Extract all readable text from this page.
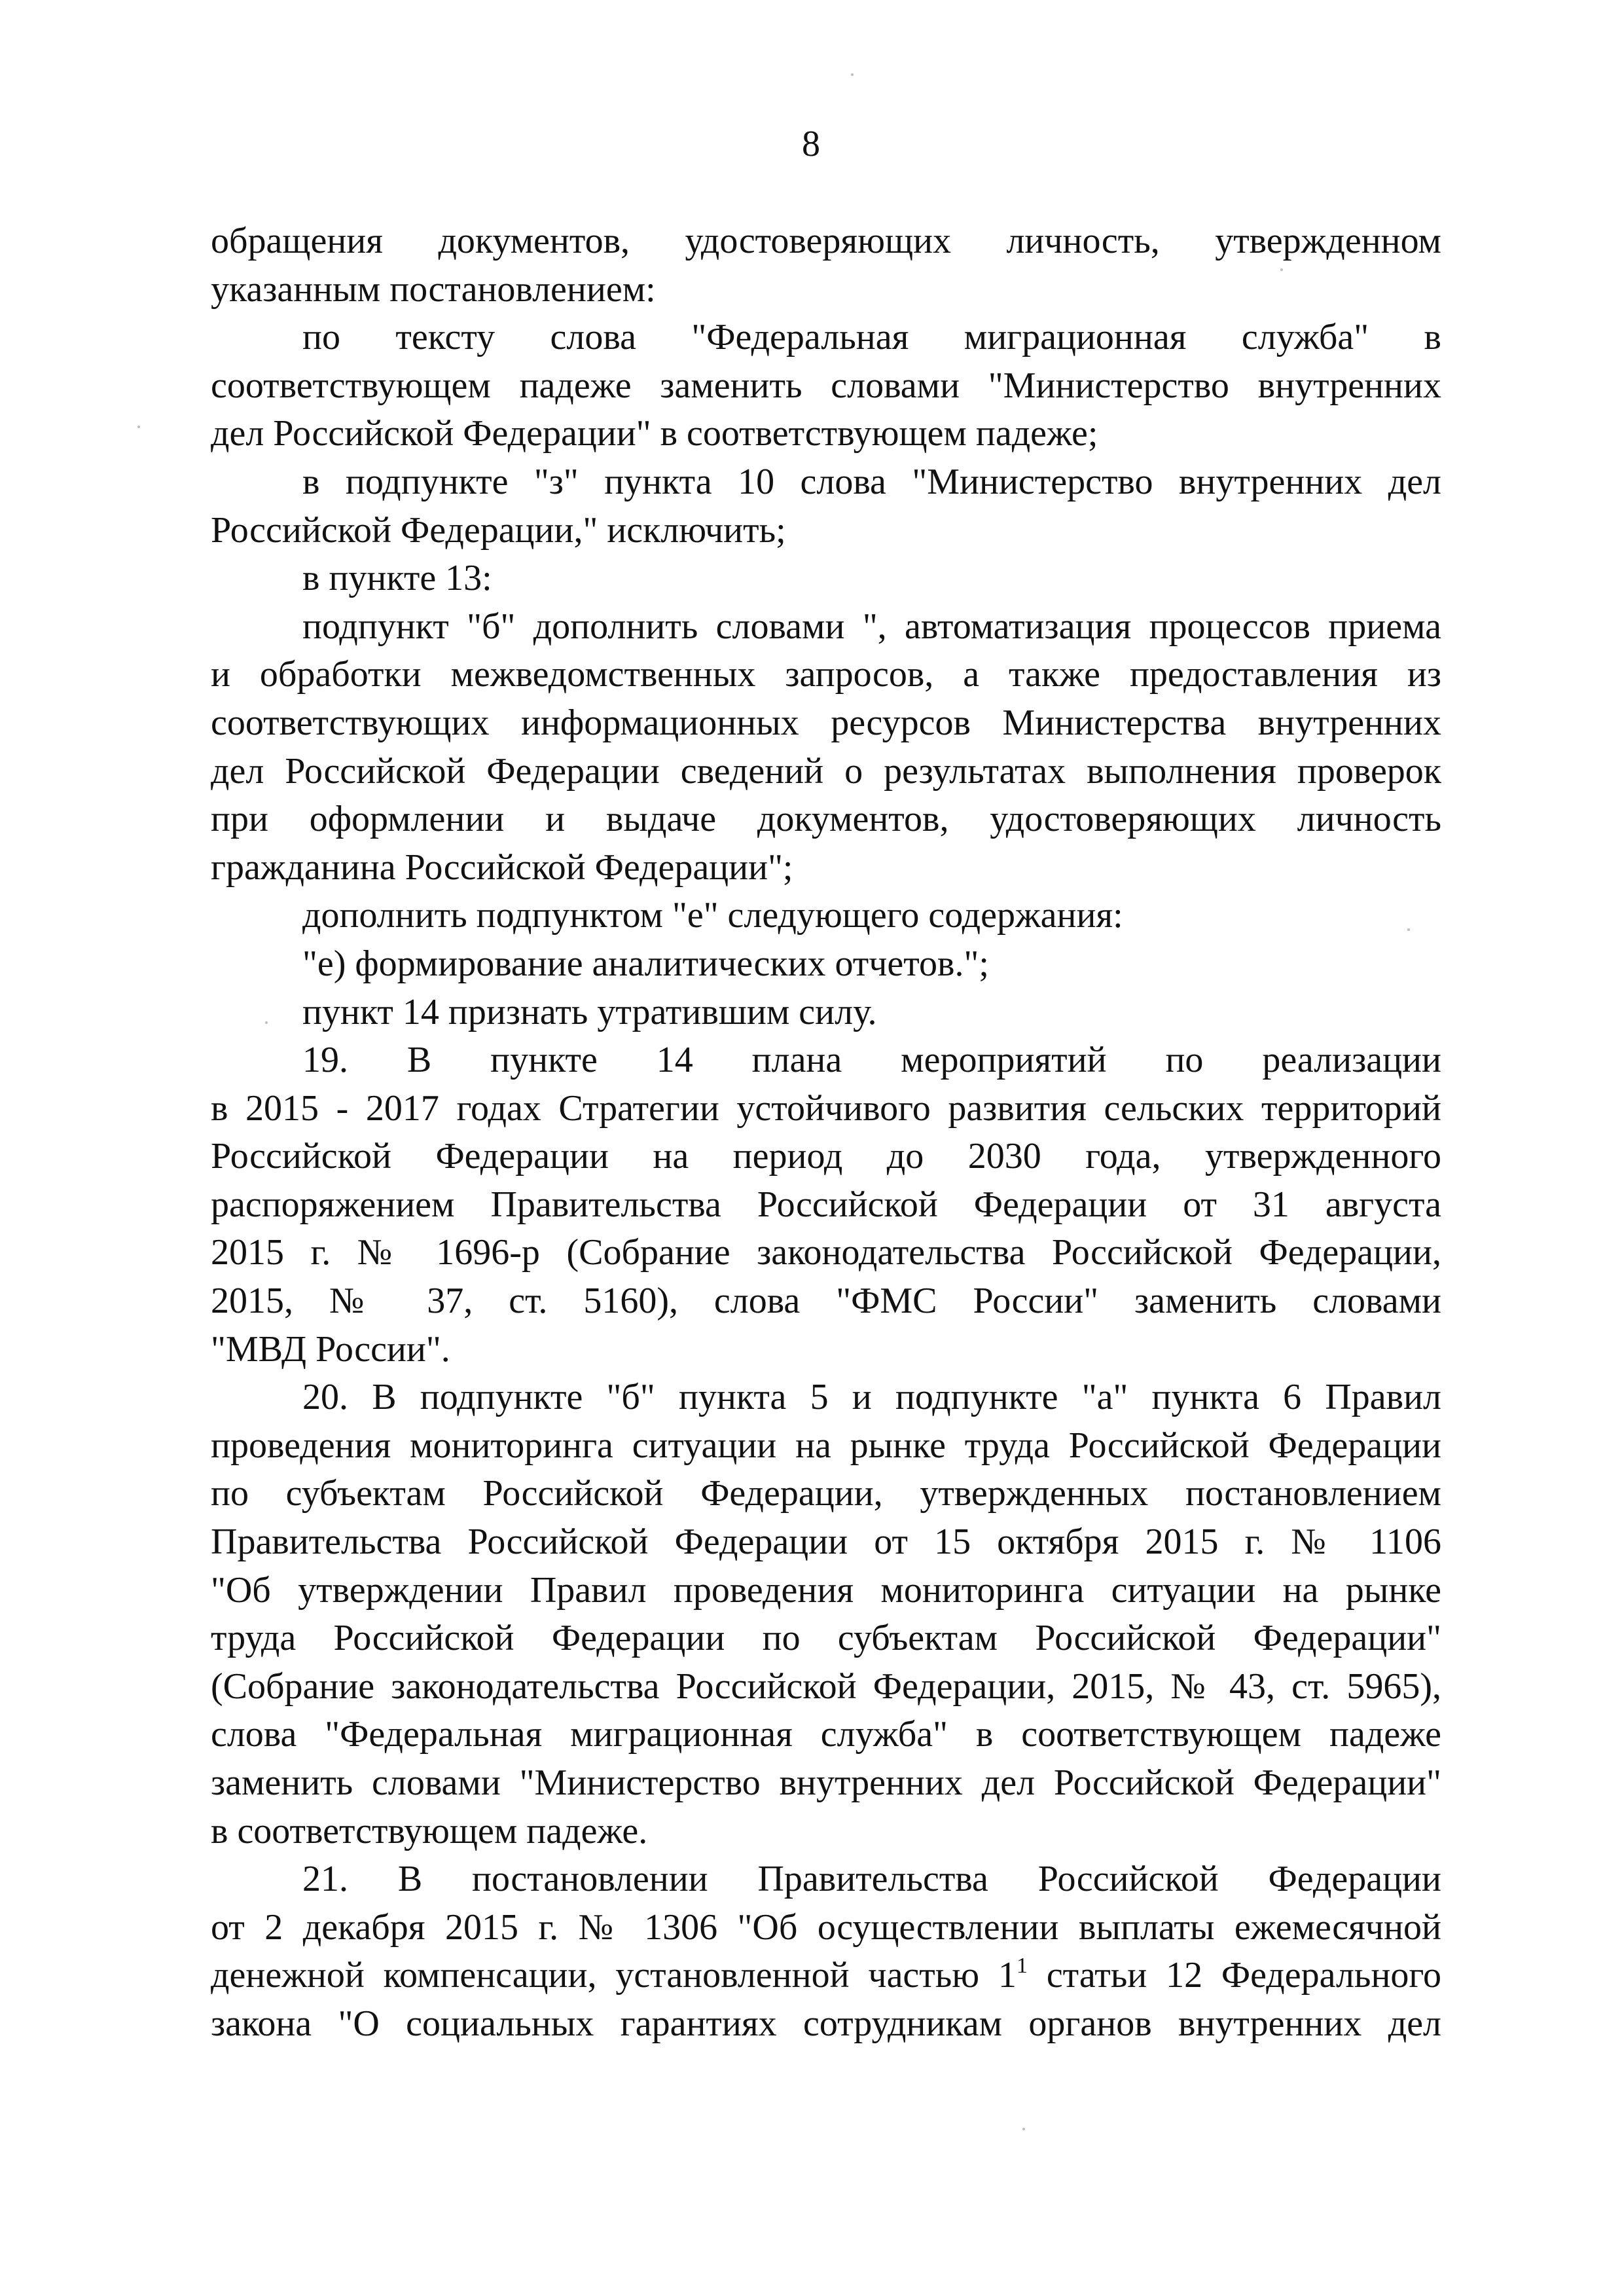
8
обращения документов, удостоверяющих личность, утвержденном
указанным постановлением:
по тексту слова "Федеральная миграционная служба" в
соответствующем падеже заменить словами "Министерство внутренних
дел Российской Федерации" в соответствующем падеже;
в подпункте "з" пункта 10 слова "Министерство внутренних дел
Российской Федерации," исключить;
в пункте 13:
подпункт "б" дополнить словами ", автоматизация процессов приема
и обработки межведомственных запросов, а также предоставления из
соответствующих информационных ресурсов Министерства внутренних
дел Российской Федерации сведений о результатах выполнения проверок
при оформлении и выдаче документов, удостоверяющих личность
гражданина Российской Федерации";
дополнить подпунктом "е" следующего содержания:
"е) формирование аналитических отчетов.";
пункт 14 признать утратившим силу.
19. В пункте 14 плана мероприятий по реализации
в 2015 - 2017 годах Стратегии устойчивого развития сельских территорий
Российской Федерации на период до 2030 года, утвержденного
распоряжением Правительства Российской Федерации от 31 августа
2015 г. № 1696-р (Собрание законодательства Российской Федерации,
2015, № 37, ст. 5160), слова "ФМС России" заменить словами
"МВД России".
20. В подпункте "б" пункта 5 и подпункте "а" пункта 6 Правил
проведения мониторинга ситуации на рынке труда Российской Федерации
по субъектам Российской Федерации, утвержденных постановлением
Правительства Российской Федерации от 15 октября 2015 г. № 1106
"Об утверждении Правил проведения мониторинга ситуации на рынке
труда Российской Федерации по субъектам Российской Федерации"
(Собрание законодательства Российской Федерации, 2015, № 43, ст. 5965),
слова "Федеральная миграционная служба" в соответствующем падеже
заменить словами "Министерство внутренних дел Российской Федерации"
в соответствующем падеже.
21. В постановлении Правительства Российской Федерации
от 2 декабря 2015 г. № 1306 "Об осуществлении выплаты ежемесячной
денежной компенсации, установленной частью $1^1$ статьи 12 Федерального
закона "О социальных гарантиях сотрудникам органов внутренних дел
